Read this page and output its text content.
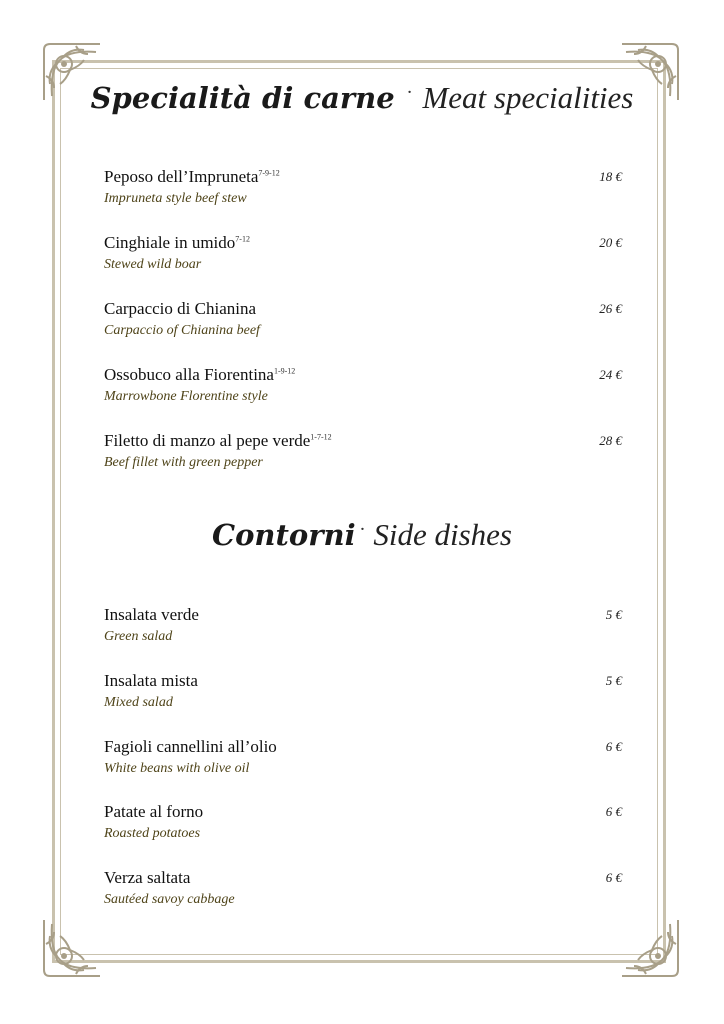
Specialità di carne · Meat specialities
Peposo dell’Impruneta$^{7-9-12}$
Impruneta style beef stew
18 €
Cinghiale in umido$^{7-12}$
Stewed wild boar
20 €
Carpaccio di Chianina
Carpaccio of Chianina beef
26 €
Ossobuco alla Fiorentina$^{1-9-12}$
Marrowbone Florentine style
24 €
Filetto di manzo al pepe verde$^{1-7-12}$
Beef fillet with green pepper
28 €
Contorni · Side dishes
Insalata verde
Green salad
5 €
Insalata mista
Mixed salad
5 €
Fagioli cannellini all’olio
White beans with olive oil
6 €
Patate al forno
Roasted potatoes
6 €
Verza saltata
Sautéed savoy cabbage
6 €
